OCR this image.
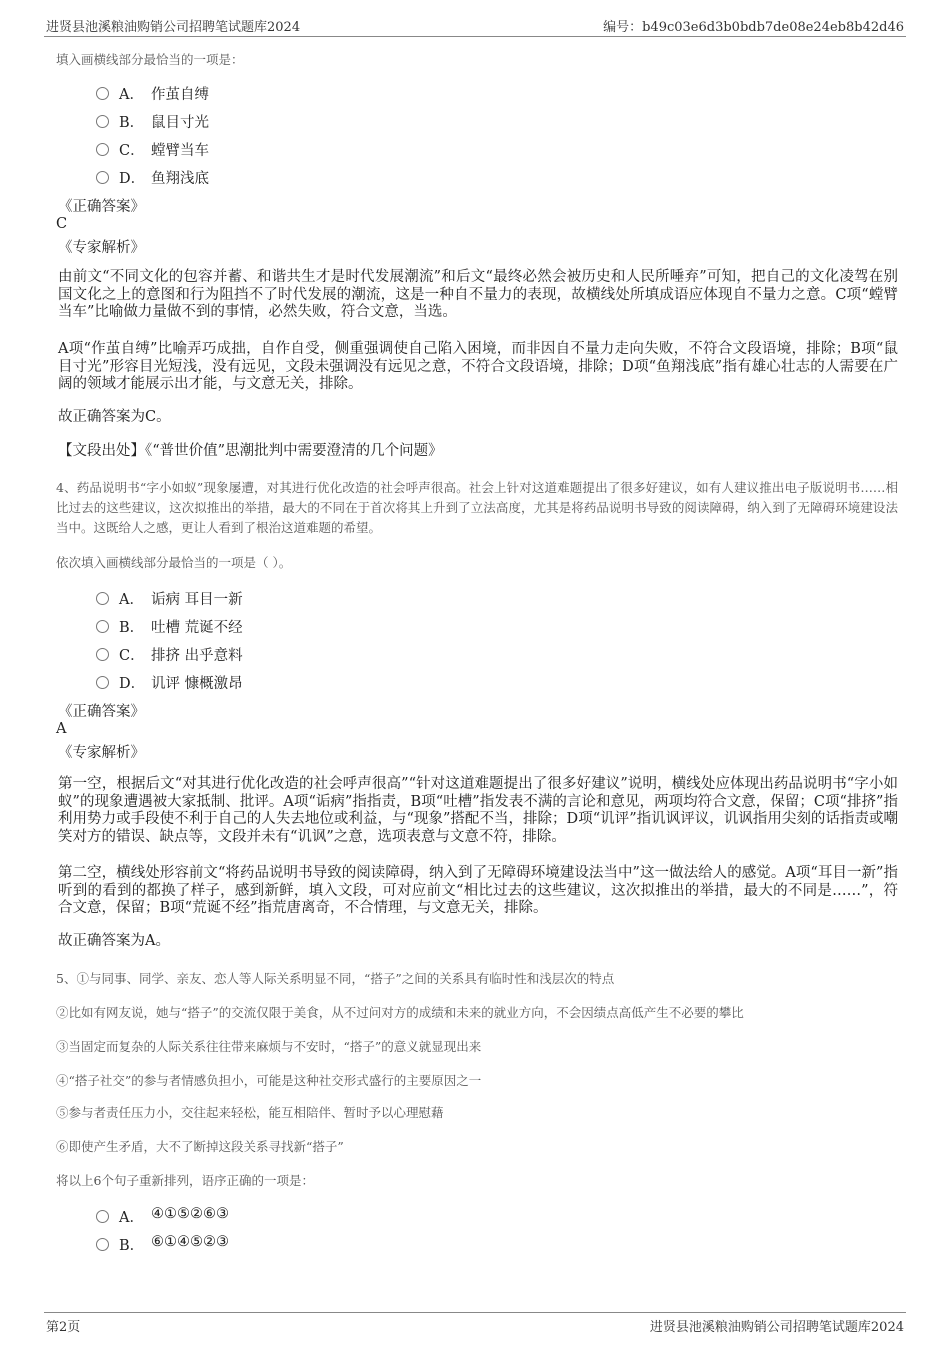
进贤县池溪粮油购销公司招聘笔试题库2024	编号：b49c03e6d3b0bdb7de08e24eb8b42d46
填入画横线部分最恰当的一项是：
A． 作茧自缚
B． 鼠目寸光
C． 螳臂当车
D． 鱼翔浅底
《正确答案》
C
《专家解析》
由前文“不同文化的包容并蓄、和谐共生才是时代发展潮流”和后文“最终必然会被历史和人民所唾弃”可知，把自己的文化凌驾在别国文化之上的意图和行为阻挡不了时代发展的潮流，这是一种自不量力的表现，故横线处所填成语应体现自不量力之意。C项“螳臂当车”比喻做力量做不到的事情，必然失败，符合文意，当选。
A项“作茧自缚”比喻弄巧成拙，自作自受，侧重强调使自己陷入困境，而非因自不量力走向失败，不符合文段语境，排除；B项“鼠目寸光”形容目光短浅，没有远见，文段未强调没有远见之意，不符合文段语境，排除；D项“鱼翔浅底”指有雄心壮志的人需要在广阔的领域才能展示出才能，与文意无关，排除。
故正确答案为C。
【文段出处】《“普世价值”思潮批判中需要澄清的几个问题》
4、药品说明书“字小如蚁”现象屡遭，对其进行优化改造的社会呼声很高。社会上针对这道难题提出了很多好建议，如有人建议推出电子版说明书……相比过去的这些建议，这次拟推出的举措，最大的不同在于首次将其上升到了立法高度，尤其是将药品说明书导致的阅读障碍，纳入到了无障碍环境建设法当中。这既给人之感，更让人看到了根治这道难题的希望。
依次填入画横线部分最恰当的一项是（ ）。
A． 诟病 耳目一新
B． 吐槽 荒诞不经
C． 排挤 出乎意料
D． 讥评 慷概激昂
《正确答案》
A
《专家解析》
第一空，根据后文“对其进行优化改造的社会呼声很高”“针对这道难题提出了很多好建议”说明，横线处应体现出药品说明书“字小如蚁”的现象遭遇被大家抵制、批评。A项“诟病”指指责，B项“吐槽”指发表不满的言论和意见，两项均符合文意，保留；C项“排挤”指利用势力或手段使不利于自己的人失去地位或利益，与“现象”搭配不当，排除；D项“讥评”指讥讽评议，讥讽指用尖刻的话指责或嘲笑对方的错误、缺点等，文段并未有“讥讽”之意，选项表意与文意不符，排除。
第二空，横线处形容前文“将药品说明书导致的阅读障碍，纳入到了无障碍环境建设法当中”这一做法给人的感觉。A项“耳目一新”指听到的看到的都换了样子，感到新鲜，填入文段，可对应前文“相比过去的这些建议，这次拟推出的举措，最大的不同是……”，符合文意，保留；B项“荒诞不经”指荒唐离奇，不合情理，与文意无关，排除。
故正确答案为A。
5、①与同事、同学、亲友、恋人等人际关系明显不同，“搭子”之间的关系具有临时性和浅层次的特点
②比如有网友说，她与“搭子”的交流仅限于美食，从不过问对方的成绩和未来的就业方向，不会因绩点高低产生不必要的攀比
③当固定而复杂的人际关系往往带来麻烦与不安时，“搭子”的意义就显现出来
④“搭子社交”的参与者情感负担小，可能是这种社交形式盛行的主要原因之一
⑤参与者责任压力小，交往起来轻松，能互相陪伴、暂时予以心理慰藉
⑥即使产生矛盾，大不了断掉这段关系寻找新“搭子”
将以上6个句子重新排列，语序正确的一项是：
A． ④①⑤②⑥③
B． ⑥①④⑤②③
第2页	进贤县池溪粮油购销公司招聘笔试题库2024
